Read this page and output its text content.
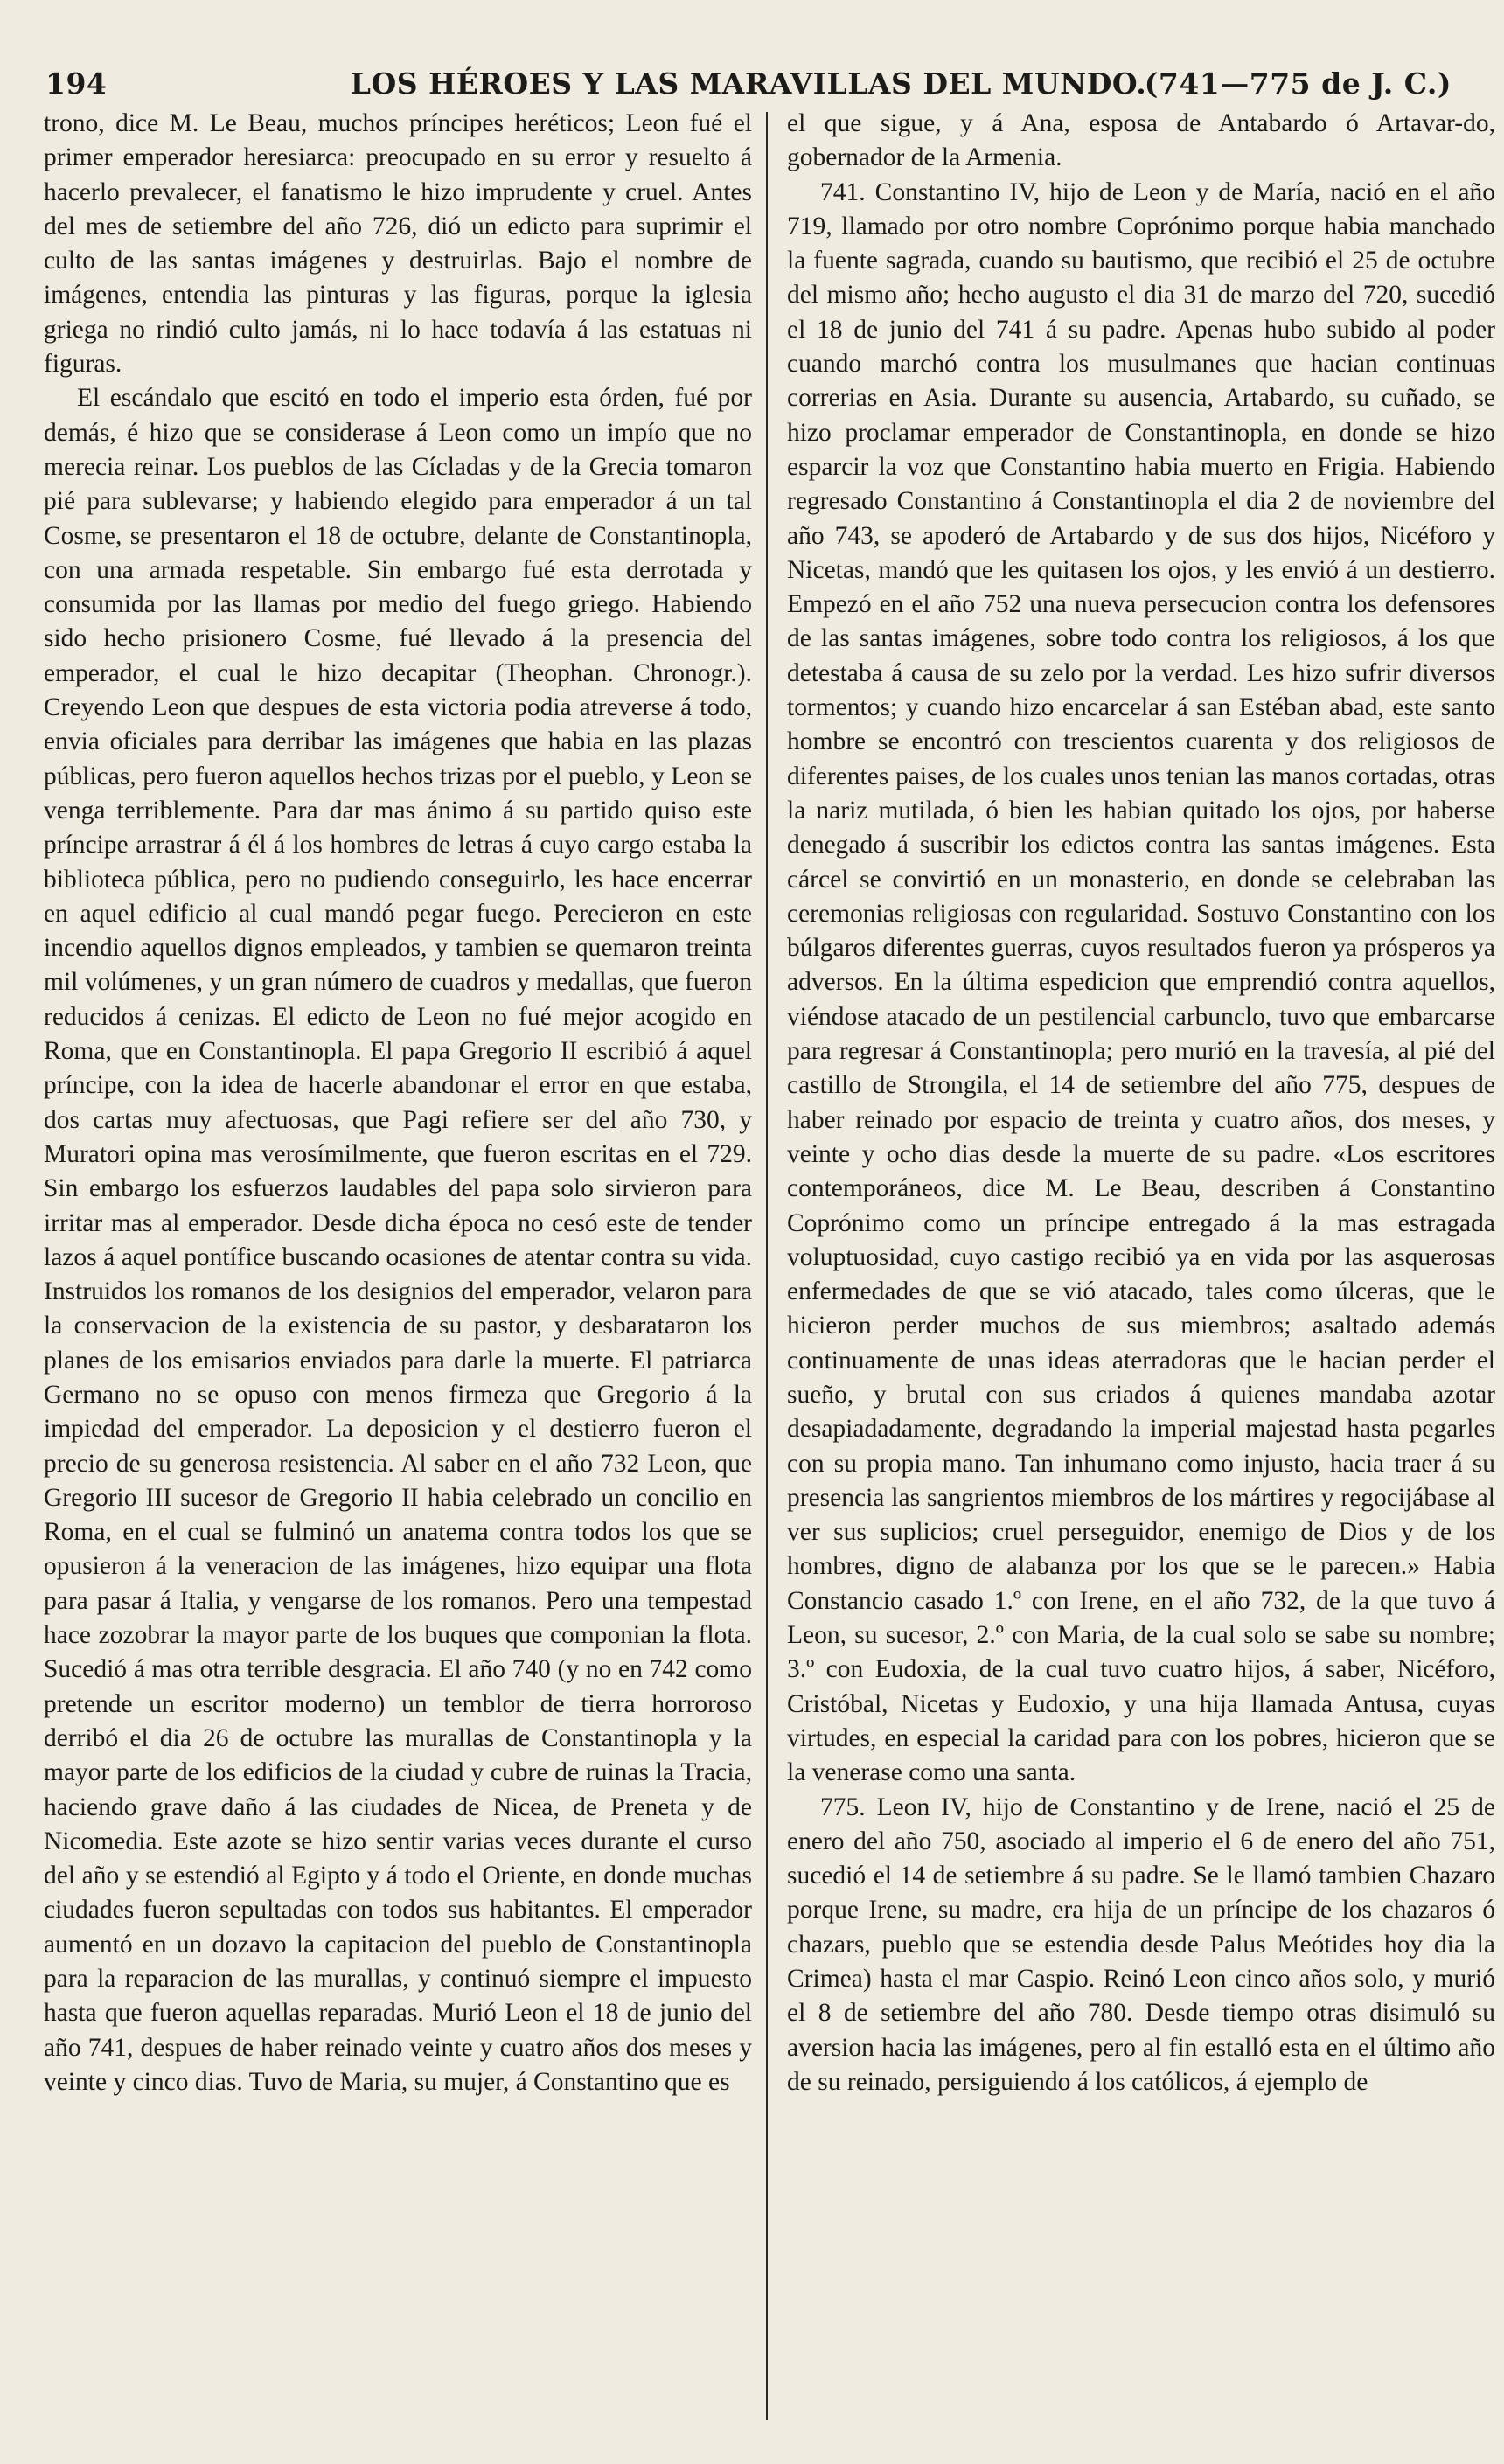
194	LOS HÉROES Y LAS MARAVILLAS DEL MUNDO.
(741—775 de J. C.)

trono, dice M. Le Beau, muchos príncipes heréticos; Leon fué el primer emperador heresiarca: preocupado en su error y resuelto á hacerlo prevalecer, el fanatismo le hizo imprudente y cruel. Antes del mes de setiembre del año 726, dió un edicto para suprimir el culto de las santas imágenes y destruirlas. Bajo el nombre de imágenes, entendia las pinturas y las figuras, porque la iglesia griega no rindió culto jamás, ni lo hace todavía á las estatuas ni figuras.

El escándalo que escitó en todo el imperio esta órden, fué por demás, é hizo que se considerase á Leon como un impío que no merecia reinar. Los pueblos de las Cícladas y de la Grecia tomaron pié para sublevarse; y habiendo elegido para emperador á un tal Cosme, se presentaron el 18 de octubre, delante de Constantinopla, con una armada respetable. Sin embargo fué esta derrotada y consumida por las llamas por medio del fuego griego. Habiendo sido hecho prisionero Cosme, fué llevado á la presencia del emperador, el cual le hizo decapitar (Theophan. Chronogr.). Creyendo Leon que despues de esta victoria podia atreverse á todo, envia oficiales para derribar las imágenes que habia en las plazas públicas, pero fueron aquellos hechos trizas por el pueblo, y Leon se venga terriblemente. Para dar mas ánimo á su partido quiso este príncipe arrastrar á él á los hombres de letras á cuyo cargo estaba la biblioteca pública, pero no pudiendo conseguirlo, les hace encerrar en aquel edificio al cual mandó pegar fuego. Perecieron en este incendio aquellos dignos empleados, y tambien se quemaron treinta mil volúmenes, y un gran número de cuadros y medallas, que fueron reducidos á cenizas. El edicto de Leon no fué mejor acogido en Roma, que en Constantinopla. El papa Gregorio II escribió á aquel príncipe, con la idea de hacerle abandonar el error en que estaba, dos cartas muy afectuosas, que Pagi refiere ser del año 730, y Muratori opina mas verosímilmente, que fueron escritas en el 729. Sin embargo los esfuerzos laudables del papa solo sirvieron para irritar mas al emperador. Desde dicha época no cesó este de tender lazos á aquel pontífice buscando ocasiones de atentar contra su vida. Instruidos los romanos de los designios del emperador, velaron para la conservacion de la existencia de su pastor, y desbarataron los planes de los emisarios enviados para darle la muerte. El patriarca Germano no se opuso con menos firmeza que Gregorio á la impiedad del emperador. La deposicion y el destierro fueron el precio de su generosa resistencia. Al saber en el año 732 Leon, que Gregorio III sucesor de Gregorio II habia celebrado un concilio en Roma, en el cual se fulminó un anatema contra todos los que se opusieron á la veneracion de las imágenes, hizo equipar una flota para pasar á Italia, y vengarse de los romanos. Pero una tempestad hace zozobrar la mayor parte de los buques que componian la flota. Sucedió á mas otra terrible desgracia. El año 740 (y no en 742 como pretende un escritor moderno) un temblor de tierra horroroso derribó el dia 26 de octubre las murallas de Constantinopla y la mayor parte de los edificios de la ciudad y cubre de ruinas la Tracia, haciendo grave daño á las ciudades de Nicea, de Preneta y de Nicomedia. Este azote se hizo sentir varias veces durante el curso del año y se estendió al Egipto y á todo el Oriente, en donde muchas ciudades fueron sepultadas con todos sus habitantes. El emperador aumentó en un dozavo la capitacion del pueblo de Constantinopla para la reparacion de las murallas, y continuó siempre el impuesto hasta que fueron aquellas reparadas. Murió Leon el 18 de junio del año 741, despues de haber reinado veinte y cuatro años dos meses y veinte y cinco dias. Tuvo de Maria, su mujer, á Constantino que es

el que sigue, y á Ana, esposa de Antabardo ó Artavar-do, gobernador de la Armenia.

741. Constantino IV, hijo de Leon y de María, nació en el año 719, llamado por otro nombre Coprónimo porque habia manchado la fuente sagrada, cuando su bautismo, que recibió el 25 de octubre del mismo año; hecho augusto el dia 31 de marzo del 720, sucedió el 18 de junio del 741 á su padre. Apenas hubo subido al poder cuando marchó contra los musulmanes que hacian continuas correrias en Asia. Durante su ausencia, Artabardo, su cuñado, se hizo proclamar emperador de Constantinopla, en donde se hizo esparcir la voz que Constantino habia muerto en Frigia. Habiendo regresado Constantino á Constantinopla el dia 2 de noviembre del año 743, se apoderó de Artabardo y de sus dos hijos, Nicéforo y Nicetas, mandó que les quitasen los ojos, y les envió á un destierro. Empezó en el año 752 una nueva persecucion contra los defensores de las santas imágenes, sobre todo contra los religiosos, á los que detestaba á causa de su zelo por la verdad. Les hizo sufrir diversos tormentos; y cuando hizo encarcelar á san Estéban abad, este santo hombre se encontró con trescientos cuarenta y dos religiosos de diferentes paises, de los cuales unos tenian las manos cortadas, otras la nariz mutilada, ó bien les habian quitado los ojos, por haberse denegado á suscribir los edictos contra las santas imágenes. Esta cárcel se convirtió en un monasterio, en donde se celebraban las ceremonias religiosas con regularidad. Sostuvo Constantino con los búlgaros diferentes guerras, cuyos resultados fueron ya prósperos ya adversos. En la última espedicion que emprendió contra aquellos, viéndose atacado de un pestilencial carbunclo, tuvo que embarcarse para regresar á Constantinopla; pero murió en la travesía, al pié del castillo de Strongila, el 14 de setiembre del año 775, despues de haber reinado por espacio de treinta y cuatro años, dos meses, y veinte y ocho dias desde la muerte de su padre. «Los escritores contemporáneos, dice M. Le Beau, describen á Constantino Coprónimo como un príncipe entregado á la mas estragada voluptuosidad, cuyo castigo recibió ya en vida por las asquerosas enfermedades de que se vió atacado, tales como úlceras, que le hicieron perder muchos de sus miembros; asaltado además continuamente de unas ideas aterradoras que le hacian perder el sueño, y brutal con sus criados á quienes mandaba azotar desapiadadamente, degradando la imperial majestad hasta pegarles con su propia mano. Tan inhumano como injusto, hacia traer á su presencia las sangrientos miembros de los mártires y regocijábase al ver sus suplicios; cruel perseguidor, enemigo de Dios y de los hombres, digno de alabanza por los que se le parecen.» Habia Constancio casado 1.º con Irene, en el año 732, de la que tuvo á Leon, su sucesor, 2.º con Maria, de la cual solo se sabe su nombre; 3.º con Eudoxia, de la cual tuvo cuatro hijos, á saber, Nicéforo, Cristóbal, Nicetas y Eudoxio, y una hija llamada Antusa, cuyas virtudes, en especial la caridad para con los pobres, hicieron que se la venerase como una santa.

775. Leon IV, hijo de Constantino y de Irene, nació el 25 de enero del año 750, asociado al imperio el 6 de enero del año 751, sucedió el 14 de setiembre á su padre. Se le llamó tambien Chazaro porque Irene, su madre, era hija de un príncipe de los chazaros ó chazars, pueblo que se estendia desde Palus Meótides hoy dia la Crimea) hasta el mar Caspio. Reinó Leon cinco años solo, y murió el 8 de setiembre del año 780. Desde tiempo otras disimuló su aversion hacia las imágenes, pero al fin estalló esta en el último año de su reinado, persiguiendo á los católicos, á ejemplo de
